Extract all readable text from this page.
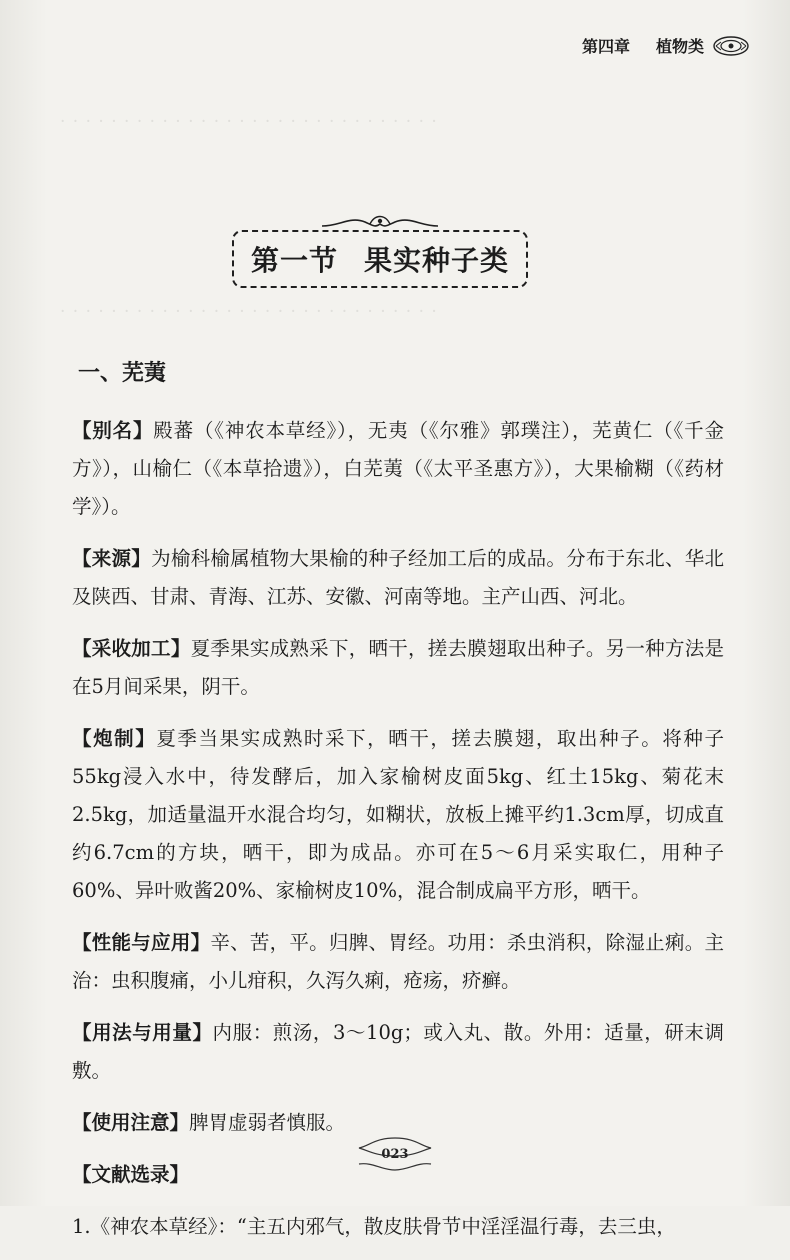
· · · · · · · · · · · · · · · · · · · · · · · · · · · · · ·
· · · · · · · · · · · · · · · · · · · · · · · · · · · · · ·
第四章 植物类
第一节 果实种子类
一、芜荑

【别名】殿蕃（《神农本草经》），无夷（《尔雅》郭璞注），芜黄仁（《千金方》），山榆仁（《本草拾遗》），白芜荑（《太平圣惠方》），大果榆糊（《药材学》）。

【来源】为榆科榆属植物大果榆的种子经加工后的成品。分布于东北、华北及陕西、甘肃、青海、江苏、安徽、河南等地。主产山西、河北。

【采收加工】夏季果实成熟采下，晒干，搓去膜翅取出种子。另一种方法是在5月间采果，阴干。

【炮制】夏季当果实成熟时采下，晒干，搓去膜翅，取出种子。将种子55kg浸入水中，待发酵后，加入家榆树皮面5kg、红土15kg、菊花末2.5kg，加适量温开水混合均匀，如糊状，放板上摊平约1.3cm厚，切成直约6.7cm的方块，晒干，即为成品。亦可在5～6月采实取仁，用种子60%、异叶败酱20%、家榆树皮10%，混合制成扁平方形，晒干。

【性能与应用】辛、苦，平。归脾、胃经。功用：杀虫消积，除湿止痢。主治：虫积腹痛，小儿疳积，久泻久痢，疮疡，疥癣。

【用法与用量】内服：煎汤，3～10g；或入丸、散。外用：适量，研末调敷。

【使用注意】脾胃虚弱者慎服。

【文献选录】

1.《神农本草经》：“主五内邪气，散皮肤骨节中淫淫温行毒，去三虫，

023
